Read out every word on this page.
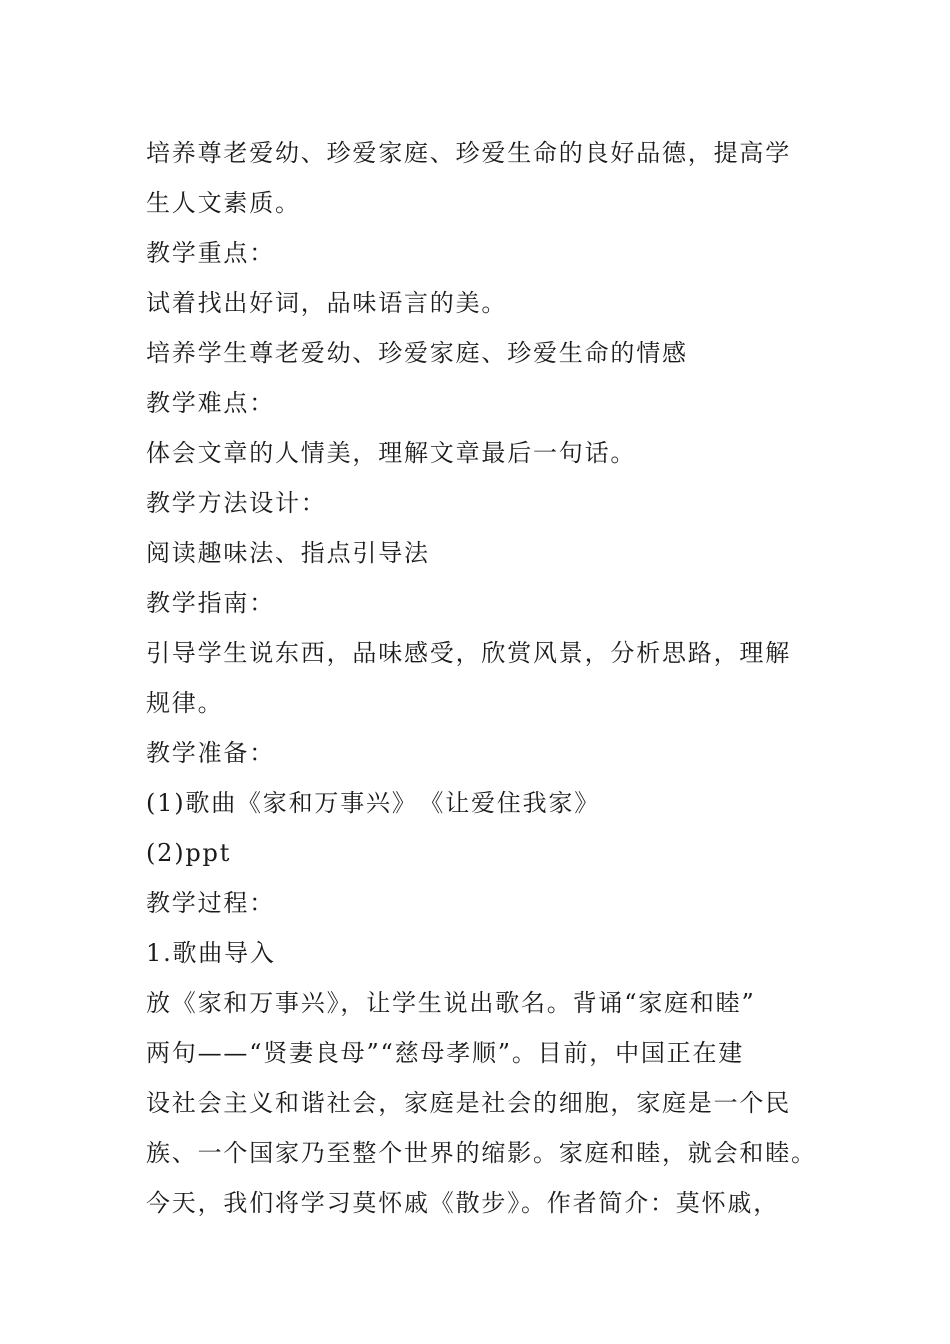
培养尊老爱幼、珍爱家庭、珍爱生命的良好品德，提高学
生人文素质。
教学重点：
试着找出好词，品味语言的美。
培养学生尊老爱幼、珍爱家庭、珍爱生命的情感
教学难点：
体会文章的人情美，理解文章最后一句话。
教学方法设计：
阅读趣味法、指点引导法
教学指南：
引导学生说东西，品味感受，欣赏风景，分析思路，理解
规律。
教学准备：
(1)歌曲《家和万事兴》　《让爱住我家》
(2)ppt
教学过程：
1.歌曲导入
放《家和万事兴》，让学生说出歌名。背诵“家庭和睦”
两句——“贤妻良母”“慈母孝顺”。目前，中国正在建
设社会主义和谐社会，家庭是社会的细胞，家庭是一个民
族、一个国家乃至整个世界的缩影。家庭和睦，就会和睦。
今天，我们将学习莫怀戚《散步》。作者简介：莫怀戚，
